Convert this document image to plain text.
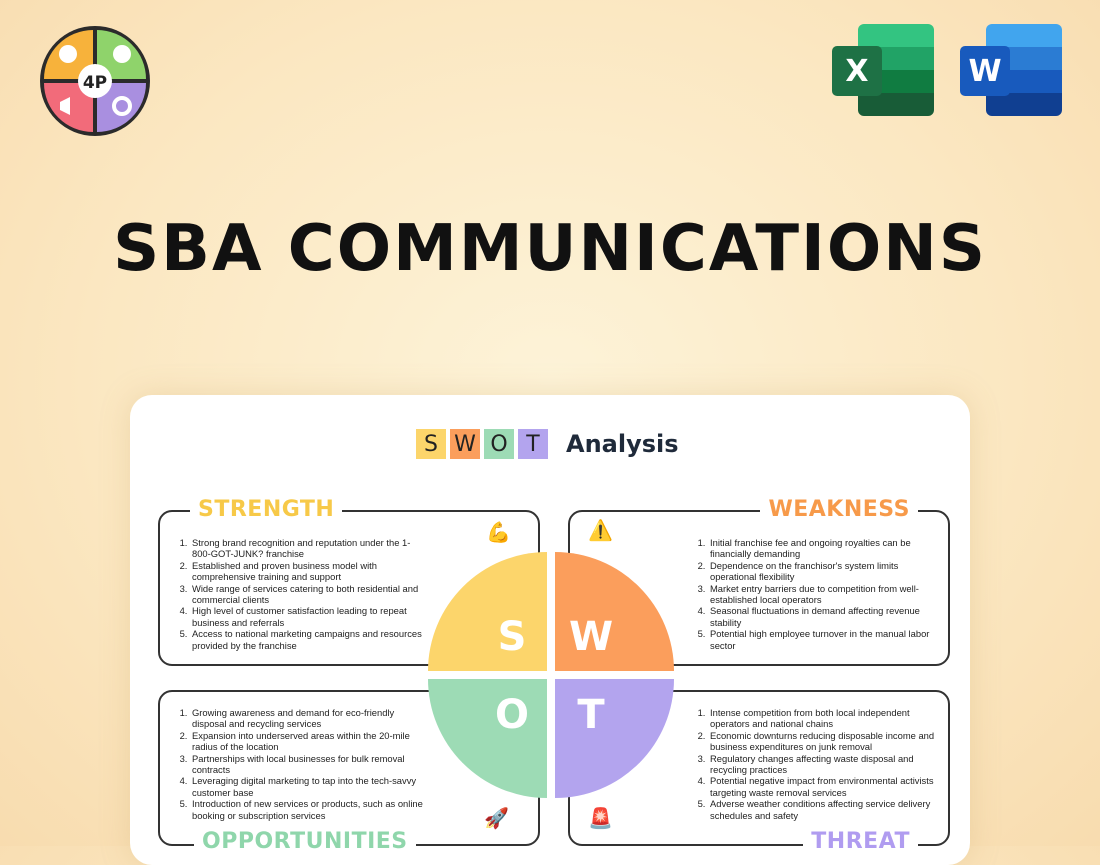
4P	X	W
SBA COMMUNICATIONS
S W O T	Analysis
STRENGTH
1. Strong brand recognition and reputation under the 1-800-GOT-JUNK? franchise
2. Established and proven business model with comprehensive training and support
3. Wide range of services catering to both residential and commercial clients
4. High level of customer satisfaction leading to repeat business and referrals
5. Access to national marketing campaigns and resources provided by the franchise
💪
WEAKNESS
1. Initial franchise fee and ongoing royalties can be financially demanding
2. Dependence on the franchisor's system limits operational flexibility
3. Market entry barriers due to competition from well-established local operators
4. Seasonal fluctuations in demand affecting revenue stability
5. Potential high employee turnover in the manual labor sector
⚠️
OPPORTUNITIES
1. Growing awareness and demand for eco-friendly disposal and recycling services
2. Expansion into underserved areas within the 20-mile radius of the location
3. Partnerships with local businesses for bulk removal contracts
4. Leveraging digital marketing to tap into the tech-savvy customer base
5. Introduction of new services or products, such as online booking or subscription services	🚀
THREAT
1. Intense competition from both local independent operators and national chains
2. Economic downturns reducing disposable income and business expenditures on junk removal
3. Regulatory changes affecting waste disposal and recycling practices
4. Potential negative impact from environmental activists targeting waste removal services
5. Adverse weather conditions affecting service delivery schedules and safety
🚨
S W
O T
